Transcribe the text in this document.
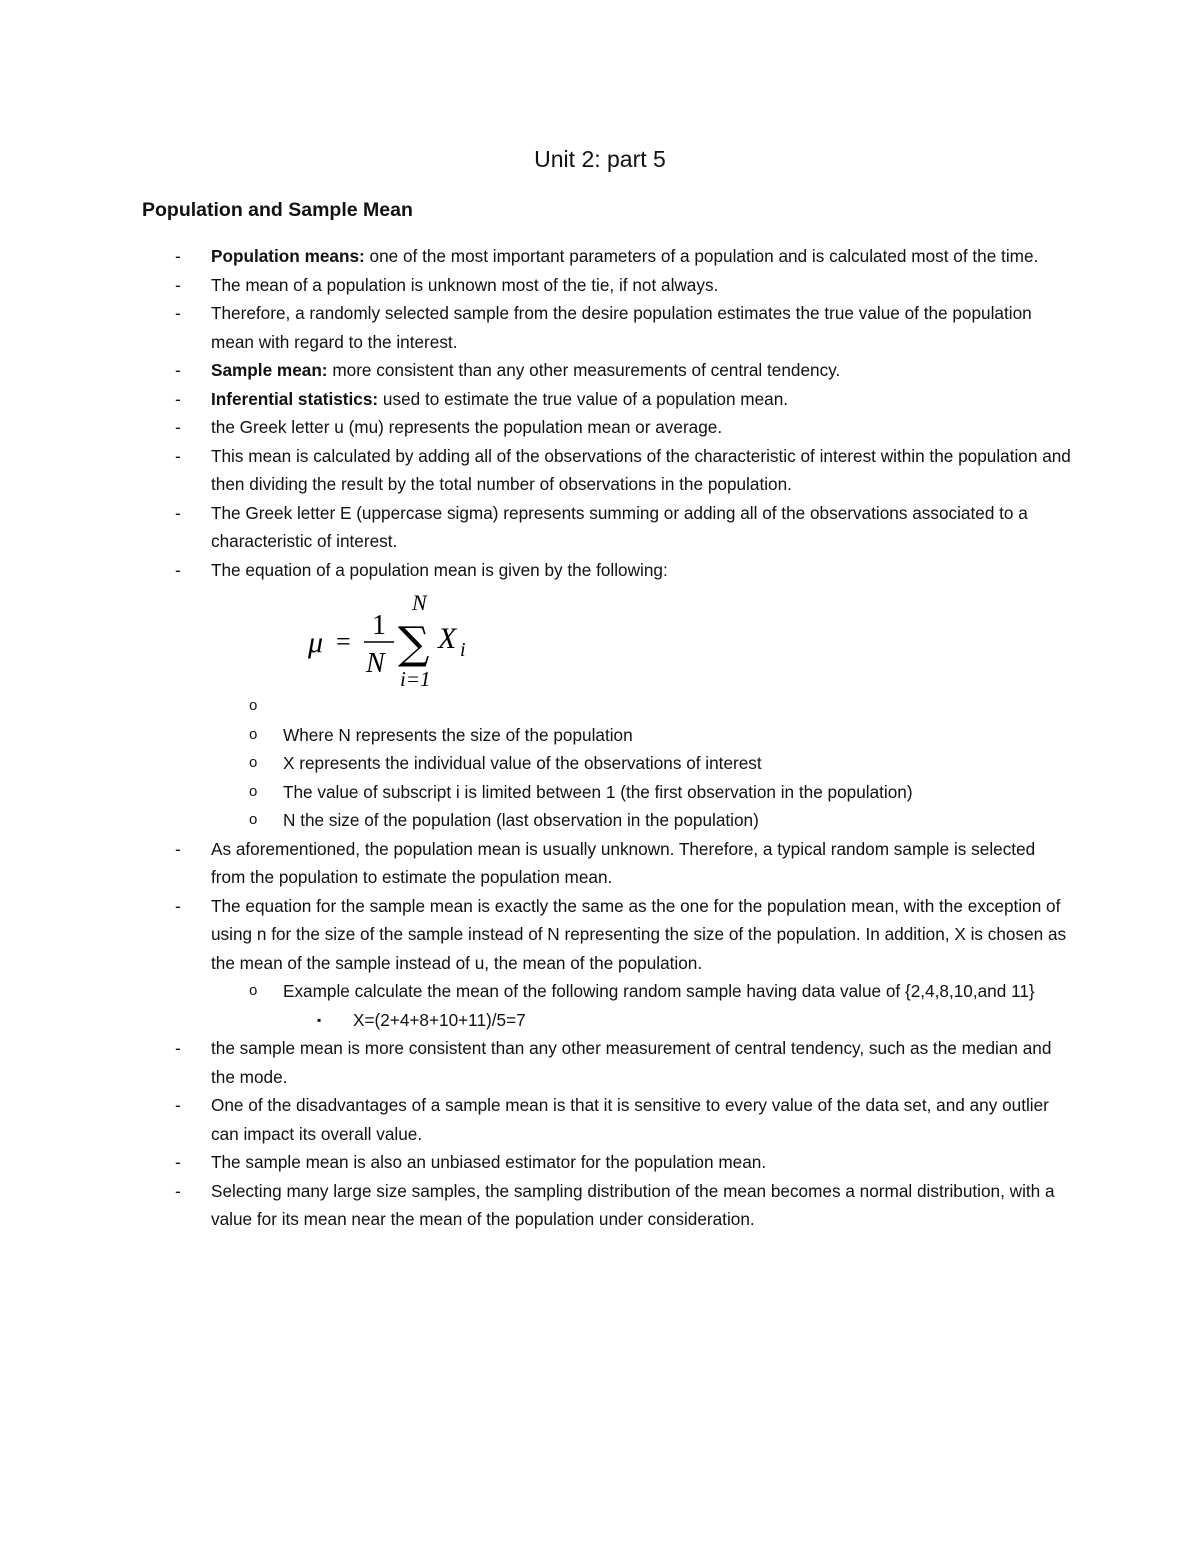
Unit 2: part 5
Population and Sample Mean
- Population means: one of the most important parameters of a population and is calculated most of the time.
- The mean of a population is unknown most of the tie, if not always.
- Therefore, a randomly selected sample from the desire population estimates the true value of the population mean with regard to the interest.
- Sample mean: more consistent than any other measurements of central tendency.
- Inferential statistics: used to estimate the true value of a population mean.
- the Greek letter u (mu) represents the population mean or average.
- This mean is calculated by adding all of the observations of the characteristic of interest within the population and then dividing the result by the total number of observations in the population.
- The Greek letter E (uppercase sigma) represents summing or adding all of the observations associated to a characteristic of interest.
- The equation of a population mean is given by the following:
μ =
1
N
N
∑
i=1
X i
o

o Where N represents the size of the population
o X represents the individual value of the observations of interest
o The value of subscript i is limited between 1 (the first observation in the population)
o N the size of the population (last observation in the population)
- As aforementioned, the population mean is usually unknown. Therefore, a typical random sample is selected from the population to estimate the population mean.
- The equation for the sample mean is exactly the same as the one for the population mean, with the exception of using n for the size of the sample instead of N representing the size of the population. In addition, X is chosen as the mean of the sample instead of u, the mean of the population.
o Example calculate the mean of the following random sample having data value of {2,4,8,10,and 11}
▪ X=(2+4+8+10+11)/5=7
- the sample mean is more consistent than any other measurement of central tendency, such as the median and the mode.
- One of the disadvantages of a sample mean is that it is sensitive to every value of the data set, and any outlier can impact its overall value.
- The sample mean is also an unbiased estimator for the population mean.
- Selecting many large size samples, the sampling distribution of the mean becomes a normal distribution, with a value for its mean near the mean of the population under consideration.
